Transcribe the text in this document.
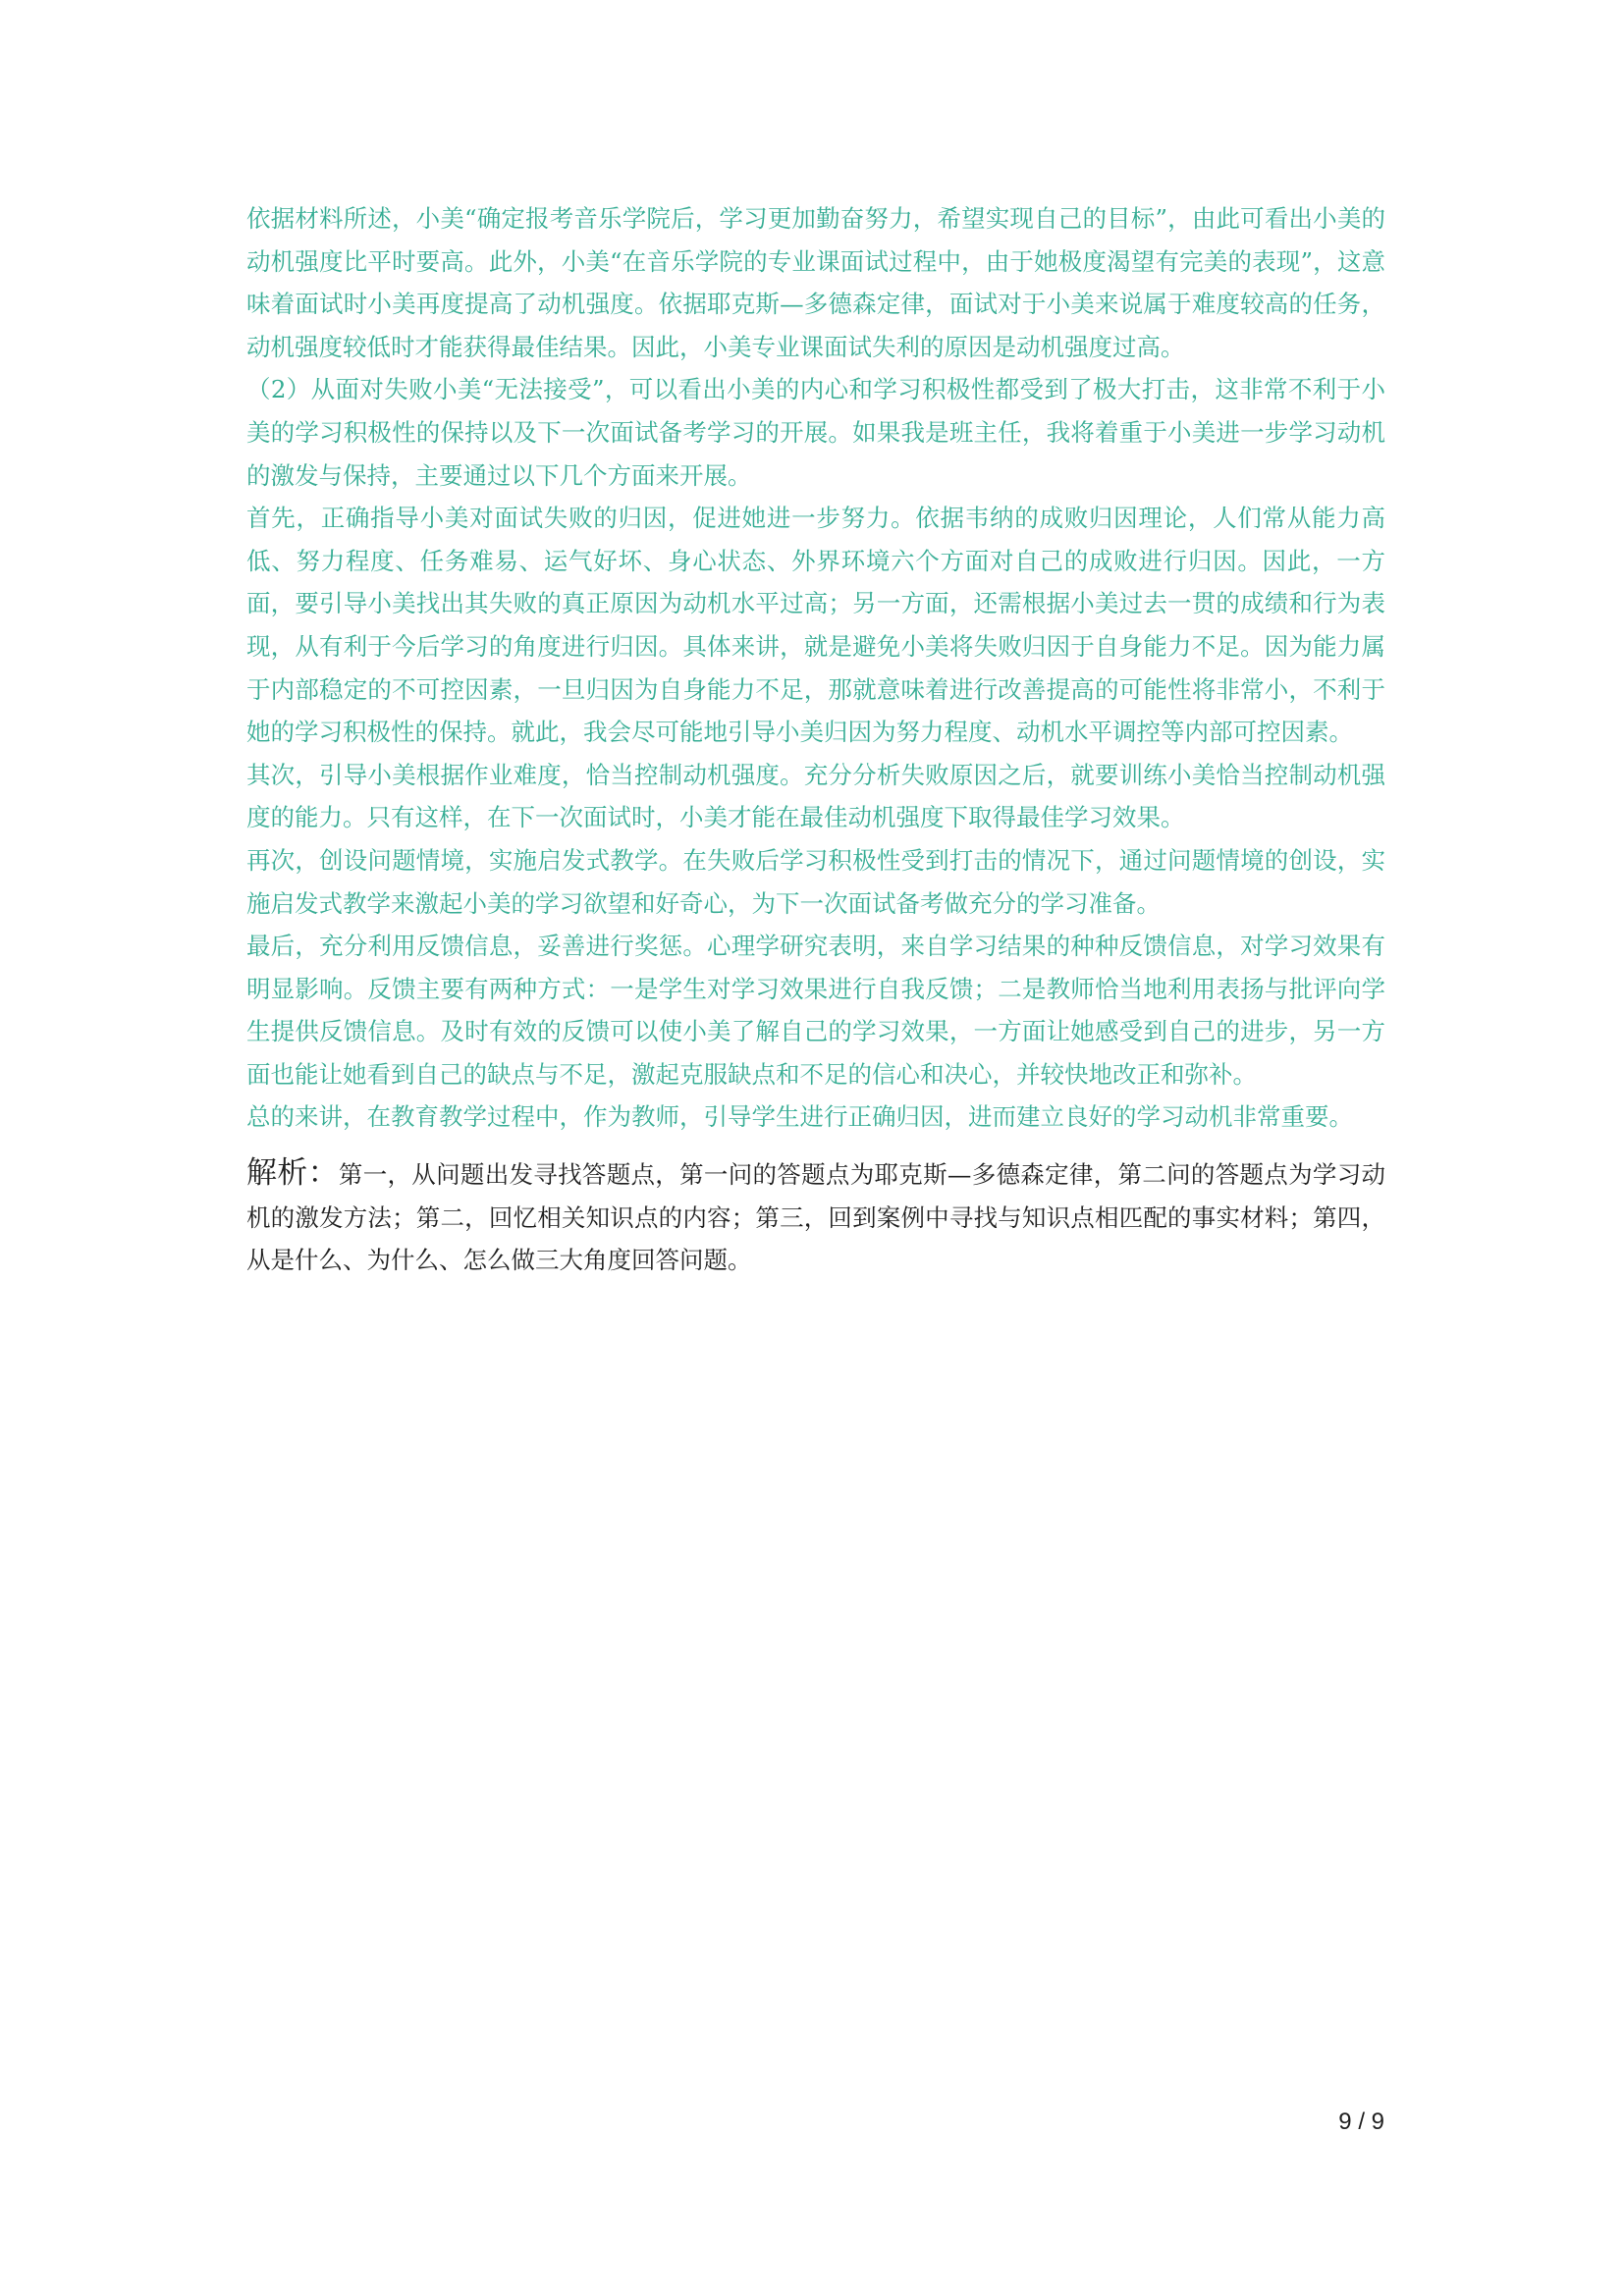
依据材料所述，小美“确定报考音乐学院后，学习更加勤奋努力，希望实现自己的目标”，由此可看出小美的动机强度比平时要高。此外，小美“在音乐学院的专业课面试过程中，由于她极度渴望有完美的表现”，这意味着面试时小美再度提高了动机强度。依据耶克斯—多德森定律，面试对于小美来说属于难度较高的任务，动机强度较低时才能获得最佳结果。因此，小美专业课面试失利的原因是动机强度过高。

（2）从面对失败小美“无法接受”，可以看出小美的内心和学习积极性都受到了极大打击，这非常不利于小美的学习积极性的保持以及下一次面试备考学习的开展。如果我是班主任，我将着重于小美进一步学习动机的激发与保持，主要通过以下几个方面来开展。

首先，正确指导小美对面试失败的归因，促进她进一步努力。依据韦纳的成败归因理论，人们常从能力高低、努力程度、任务难易、运气好坏、身心状态、外界环境六个方面对自己的成败进行归因。因此，一方面，要引导小美找出其失败的真正原因为动机水平过高；另一方面，还需根据小美过去一贯的成绩和行为表现，从有利于今后学习的角度进行归因。具体来讲，就是避免小美将失败归因于自身能力不足。因为能力属于内部稳定的不可控因素，一旦归因为自身能力不足，那就意味着进行改善提高的可能性将非常小，不利于她的学习积极性的保持。就此，我会尽可能地引导小美归因为努力程度、动机水平调控等内部可控因素。

其次，引导小美根据作业难度，恰当控制动机强度。充分分析失败原因之后，就要训练小美恰当控制动机强度的能力。只有这样，在下一次面试时，小美才能在最佳动机强度下取得最佳学习效果。

再次，创设问题情境，实施启发式教学。在失败后学习积极性受到打击的情况下，通过问题情境的创设，实施启发式教学来激起小美的学习欲望和好奇心，为下一次面试备考做充分的学习准备。

最后，充分利用反馈信息，妥善进行奖惩。心理学研究表明，来自学习结果的种种反馈信息，对学习效果有明显影响。反馈主要有两种方式：一是学生对学习效果进行自我反馈；二是教师恰当地利用表扬与批评向学生提供反馈信息。及时有效的反馈可以使小美了解自己的学习效果，一方面让她感受到自己的进步，另一方面也能让她看到自己的缺点与不足，激起克服缺点和不足的信心和决心，并较快地改正和弥补。

总的来讲，在教育教学过程中，作为教师，引导学生进行正确归因，进而建立良好的学习动机非常重要。

解析：第一，从问题出发寻找答题点，第一问的答题点为耶克斯—多德森定律，第二问的答题点为学习动机的激发方法；第二，回忆相关知识点的内容；第三，回到案例中寻找与知识点相匹配的事实材料；第四，从是什么、为什么、怎么做三大角度回答问题。

9 / 9
